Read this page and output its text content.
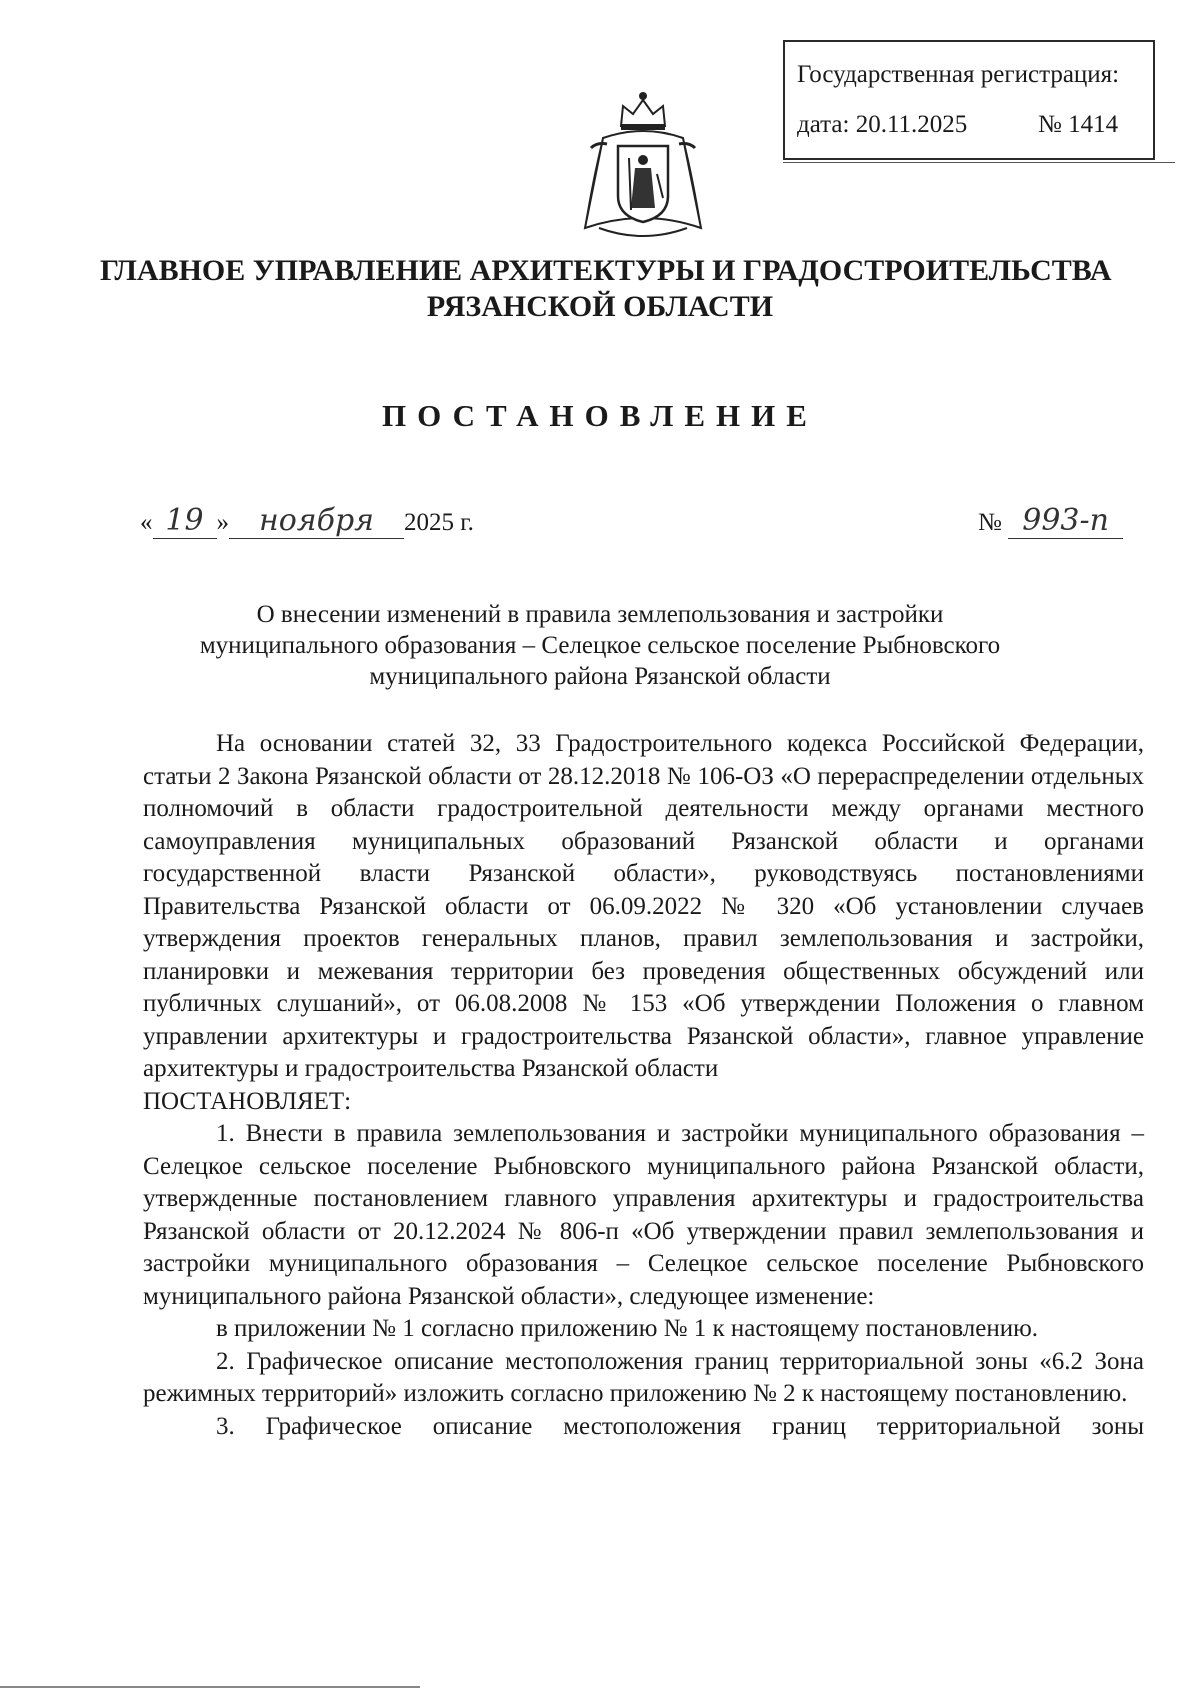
Государственная регистрация:
дата: 20.11.2025	№ 1414
ГЛАВНОЕ УПРАВЛЕНИЕ АРХИТЕКТУРЫ И ГРАДОСТРОИТЕЛЬСТВА
РЯЗАНСКОЙ ОБЛАСТИ
ПОСТАНОВЛЕНИЕ
« 19 » ноября 2025 г.	№ 993-п
О внесении изменений в правила землепользования и застройки
муниципального образования – Селецкое сельское поселение Рыбновского
муниципального района Рязанской области

На основании статей 32, 33 Градостроительного кодекса Российской Федерации, статьи 2 Закона Рязанской области от 28.12.2018 № 106-ОЗ «О перераспределении отдельных полномочий в области градостроительной деятельности между органами местного самоуправления муниципальных образований Рязанской области и органами государственной власти Рязанской области», руководствуясь постановлениями Правительства Рязанской области от 06.09.2022 № 320 «Об установлении случаев утверждения проектов генеральных планов, правил землепользования и застройки, планировки и межевания территории без проведения общественных обсуждений или публичных слушаний», от 06.08.2008 № 153 «Об утверждении Положения о главном управлении архитектуры и градостроительства Рязанской области», главное управление архитектуры и градостроительства Рязанской области

ПОСТАНОВЛЯЕТ:

1. Внести в правила землепользования и застройки муниципального образования – Селецкое сельское поселение Рыбновского муниципального района Рязанской области, утвержденные постановлением главного управления архитектуры и градостроительства Рязанской области от 20.12.2024 № 806-п «Об утверждении правил землепользования и застройки муниципального образования – Селецкое сельское поселение Рыбновского муниципального района Рязанской области», следующее изменение:

в приложении № 1 согласно приложению № 1 к настоящему постановлению.

2. Графическое описание местоположения границ территориальной зоны «6.2 Зона режимных территорий» изложить согласно приложению № 2 к настоящему постановлению.

3. Графическое описание местоположения границ территориальной зоны
